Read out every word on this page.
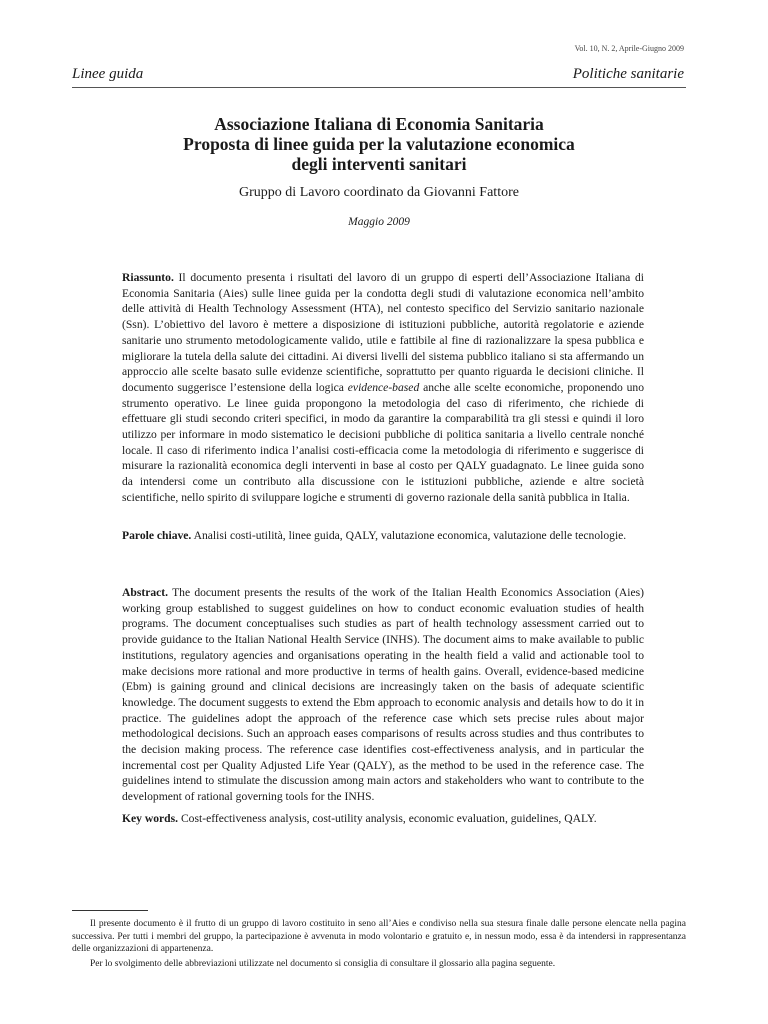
Vol. 10, N. 2, Aprile-Giugno 2009
Linee guida	Politiche sanitarie
Associazione Italiana di Economia Sanitaria
Proposta di linee guida per la valutazione economica
degli interventi sanitari
Gruppo di Lavoro coordinato da Giovanni Fattore
Maggio 2009

Riassunto. Il documento presenta i risultati del lavoro di un gruppo di esperti dell’Associazione Italiana di Economia Sanitaria (Aies) sulle linee guida per la condotta degli studi di valutazione economica nell’ambito delle attività di Health Technology Assessment (HTA), nel contesto specifico del Servizio sanitario nazionale (Ssn). L’obiettivo del lavoro è mettere a disposizione di istituzioni pubbliche, autorità regolatorie e aziende sanitarie uno strumento metodologicamente valido, utile e fattibile al fine di razionalizzare la spesa pubblica e migliorare la tutela della salute dei cittadini. Ai diversi livelli del sistema pubblico italiano si sta affermando un approccio alle scelte basato sulle evidenze scientifiche, soprattutto per quanto riguarda le decisioni cliniche. Il documento suggerisce l’estensione della logica evidence-based anche alle scelte economiche, proponendo uno strumento operativo. Le linee guida propongono la metodologia del caso di riferimento, che richiede di effettuare gli studi secondo criteri specifici, in modo da garantire la comparabilità tra gli stessi e quindi il loro utilizzo per informare in modo sistematico le decisioni pubbliche di politica sanitaria a livello centrale nonché locale. Il caso di riferimento indica l’analisi costi-efficacia come la metodologia di riferimento e suggerisce di misurare la razionalità economica degli interventi in base al costo per QALY guadagnato. Le linee guida sono da intendersi come un contributo alla discussione con le istituzioni pubbliche, aziende e altre società scientifiche, nello spirito di sviluppare logiche e strumenti di governo razionale della sanità pubblica in Italia.

Parole chiave. Analisi costi-utilità, linee guida, QALY, valutazione economica, valutazione delle tecnologie.

Abstract. The document presents the results of the work of the Italian Health Economics Association (Aies) working group established to suggest guidelines on how to conduct economic evaluation studies of health programs. The document conceptualises such studies as part of health technology assessment carried out to provide guidance to the Italian National Health Service (INHS). The document aims to make available to public institutions, regulatory agencies and organisations operating in the health field a valid and actionable tool to make decisions more rational and more productive in terms of health gains. Overall, evidence-based medicine (Ebm) is gaining ground and clinical decisions are increasingly taken on the basis of adequate scientific knowledge. The document suggests to extend the Ebm approach to economic analysis and details how to do it in practice. The guidelines adopt the approach of the reference case which sets precise rules about major methodological decisions. Such an approach eases comparisons of results across studies and thus contributes to the decision making process. The reference case identifies cost-effectiveness analysis, and in particular the incremental cost per Quality Adjusted Life Year (QALY), as the method to be used in the reference case. The guidelines intend to stimulate the discussion among main actors and stakeholders who want to contribute to the development of rational governing tools for the INHS.

Key words. Cost-effectiveness analysis, cost-utility analysis, economic evaluation, guidelines, QALY.

Il presente documento è il frutto di un gruppo di lavoro costituito in seno all’Aies e condiviso nella sua stesura finale dalle persone elencate nella pagina successiva. Per tutti i membri del gruppo, la partecipazione è avvenuta in modo volontario e gratuito e, in nessun modo, essa è da intendersi in rappresentanza delle organizzazioni di appartenenza.

Per lo svolgimento delle abbreviazioni utilizzate nel documento si consiglia di consultare il glossario alla pagina seguente.
